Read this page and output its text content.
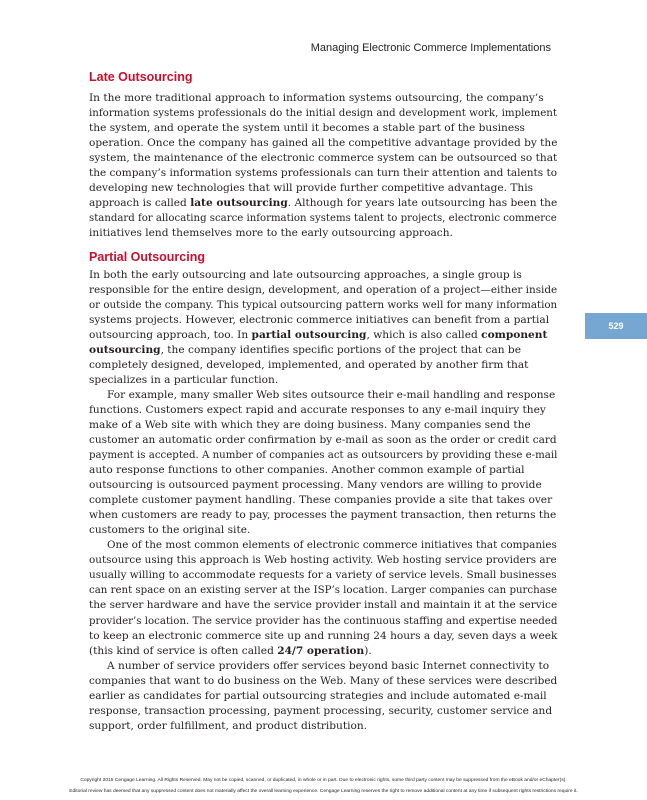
Managing Electronic Commerce Implementations
Late Outsourcing
In the more traditional approach to information systems outsourcing, the company’s
information systems professionals do the initial design and development work, implement
the system, and operate the system until it becomes a stable part of the business
operation. Once the company has gained all the competitive advantage provided by the
system, the maintenance of the electronic commerce system can be outsourced so that
the company’s information systems professionals can turn their attention and talents to
developing new technologies that will provide further competitive advantage. This
approach is called late outsourcing. Although for years late outsourcing has been the
standard for allocating scarce information systems talent to projects, electronic commerce
initiatives lend themselves more to the early outsourcing approach.
Partial Outsourcing
In both the early outsourcing and late outsourcing approaches, a single group is
responsible for the entire design, development, and operation of a project—either inside
or outside the company. This typical outsourcing pattern works well for many information
systems projects. However, electronic commerce initiatives can benefit from a partial
outsourcing approach, too. In partial outsourcing, which is also called component
outsourcing, the company identifies specific portions of the project that can be
completely designed, developed, implemented, and operated by another firm that
specializes in a particular function.
For example, many smaller Web sites outsource their e-mail handling and response
functions. Customers expect rapid and accurate responses to any e-mail inquiry they
make of a Web site with which they are doing business. Many companies send the
customer an automatic order confirmation by e-mail as soon as the order or credit card
payment is accepted. A number of companies act as outsourcers by providing these e-mail
auto response functions to other companies. Another common example of partial
outsourcing is outsourced payment processing. Many vendors are willing to provide
complete customer payment handling. These companies provide a site that takes over
when customers are ready to pay, processes the payment transaction, then returns the
customers to the original site.
One of the most common elements of electronic commerce initiatives that companies
outsource using this approach is Web hosting activity. Web hosting service providers are
usually willing to accommodate requests for a variety of service levels. Small businesses
can rent space on an existing server at the ISP’s location. Larger companies can purchase
the server hardware and have the service provider install and maintain it at the service
provider’s location. The service provider has the continuous staffing and expertise needed
to keep an electronic commerce site up and running 24 hours a day, seven days a week
(this kind of service is often called 24/7 operation).
A number of service providers offer services beyond basic Internet connectivity to
companies that want to do business on the Web. Many of these services were described
earlier as candidates for partial outsourcing strategies and include automated e-mail
response, transaction processing, payment processing, security, customer service and
support, order fulfillment, and product distribution.
529
Copyright 2015 Cengage Learning. All Rights Reserved. May not be copied, scanned, or duplicated, in whole or in part. Due to electronic rights, some third party content may be suppressed from the eBook and/or eChapter(s).
Editorial review has deemed that any suppressed content does not materially affect the overall learning experience. Cengage Learning reserves the right to remove additional content at any time if subsequent rights restrictions require it.
